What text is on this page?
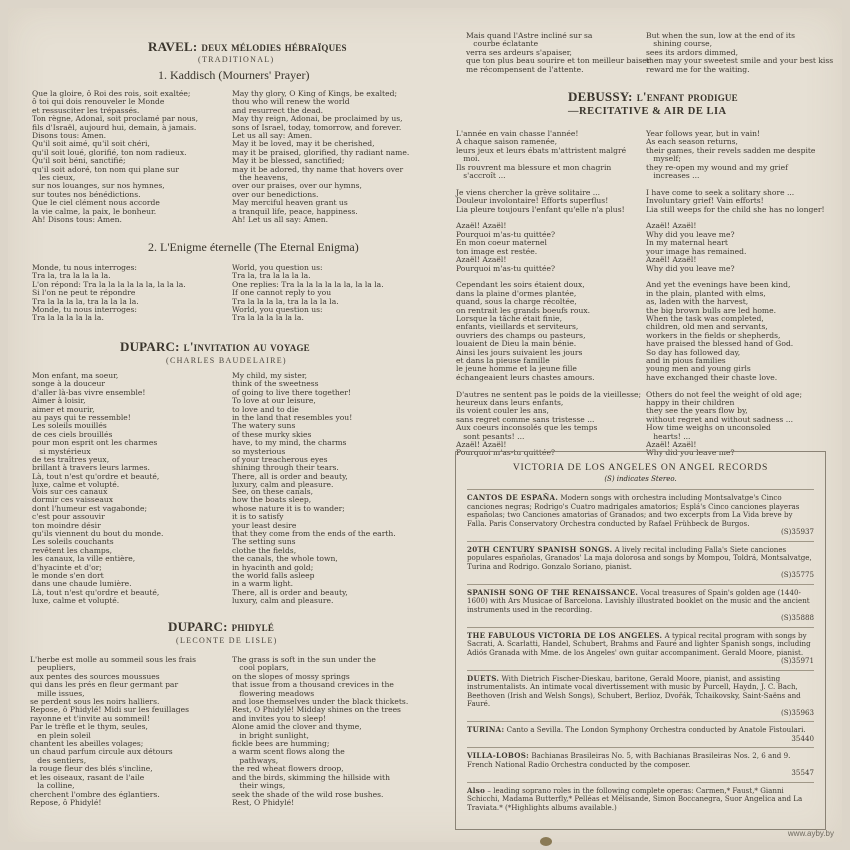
RAVEL: deux mélodies hébraïques
(TRADITIONAL)
1. Kaddisch (Mourners' Prayer)
Que la gloire, ô Roi des rois, soit exaltée;
ô toi qui dois renouveler le Monde
et ressusciter les trépassés.
Ton règne, Adonaï, soit proclamé par nous,
fils d'Israël, aujourd hui, demain, à jamais.
Disons tous: Amen.
Qu'il soit aimé, qu'il soit chéri,
qu'il soit loué, glorifié, ton nom radieux.
Qu'il soit béni, sanctifié;
qu'il soit adoré, ton nom qui plane sur
les cieux,
sur nos louanges, sur nos hymnes,
sur toutes nos bénédictions.
Que le ciel clément nous accorde
la vie calme, la paix, le bonheur.
Ah! Disons tous: Amen.
May thy glory, O King of Kings, be exalted;
thou who will renew the world
and resurrect the dead.
May thy reign, Adonai, be proclaimed by us,
sons of Israel, today, tomorrow, and forever.
Let us all say: Amen.
May it be loved, may it be cherished,
may it be praised, glorified, thy radiant name.
May it be blessed, sanctified;
may it be adored, thy name that hovers over
the heavens,
over our praises, over our hymns,
over our benedictions.
May merciful heaven grant us
a tranquil life, peace, happiness.
Ah! Let us all say: Amen.
2. L'Enigme éternelle (The Eternal Enigma)
Monde, tu nous interroges:
Tra la, tra la la la la.
L'on répond: Tra la la la la la la, la la la.
Si l'on ne peut te répondre
Tra la la la la, tra la la la la.
Monde, tu nous interroges:
Tra la la la la la la.
World, you question us:
Tra la, tra la la la la.
One replies: Tra la la la la la la, la la la.
If one cannot reply to you
Tra la la la la, tra la la la la.
World, you question us:
Tra la la la la la la.
DUPARC: l'invitation au voyage
(CHARLES BAUDELAIRE)
Mon enfant, ma soeur,
songe à la douceur
d'aller là-bas vivre ensemble!
Aimer à loisir,
aimer et mourir,
au pays qui te ressemble!
Les soleils mouillés
de ces ciels brouillés
pour mon esprit ont les charmes
si mystérieux
de tes traîtres yeux,
brillant à travers leurs larmes.
Là, tout n'est qu'ordre et beauté,
luxe, calme et volupté.
My child, my sister,
think of the sweetness
of going to live there together!
To love at our leisure,
to love and to die
in the land that resembles you!
The watery suns
of these murky skies
have, to my mind, the charms
so mysterious
of your treacherous eyes
shining through their tears.
There, all is order and beauty,
luxury, calm and pleasure.
Vois sur ces canaux
dormir ces vaisseaux
dont l'humeur est vagabonde;
c'est pour assouvir
ton moindre désir
qu'ils viennent du bout du monde.
Les soleils couchants
revêtent les champs,
les canaux, la ville entière,
d'hyacinte et d'or;
le monde s'en dort
dans une chaude lumière.
Là, tout n'est qu'ordre et beauté,
luxe, calme et volupté.
See, on these canals,
how the boats sleep,
whose nature it is to wander;
it is to satisfy
your least desire
that they come from the ends of the earth.
The setting suns
clothe the fields,
the canals, the whole town,
in hyacinth and gold;
the world falls asleep
in a warm light.
There, all is order and beauty,
luxury, calm and pleasure.
DUPARC: phidylé
(LECONTE DE LISLE)
L'herbe est molle au sommeil sous les frais
peupliers,
aux pentes des sources moussues
qui dans les prés en fleur germant par
mille issues,
se perdent sous les noirs halliers.
Repose, ô Phidylé! Midi sur les feuillages
rayonne et t'invite au sommeil!
Par le trèfle et le thym, seules,
en plein soleil
chantent les abeilles volages;
un chaud parfum circule aux détours
des sentiers,
la rouge fleur des blés s'incline,
et les oiseaux, rasant de l'aile
la colline,
cherchent l'ombre des églantiers.
Repose, ô Phidylé!
The grass is soft in the sun under the
cool poplars,
on the slopes of mossy springs
that issue from a thousand crevices in the
flowering meadows
and lose themselves under the black thickets.
Rest, O Phidylé! Midday shines on the trees
and invites you to sleep!
Alone amid the clover and thyme,
in bright sunlight,
fickle bees are humming;
a warm scent flows along the
pathways,
the red wheat flowers droop,
and the birds, skimming the hillside with
their wings,
seek the shade of the wild rose bushes.
Rest, O Phidylé!
Mais quand l'Astre incliné sur sa
courbe éclatante
verra ses ardeurs s'apaiser,
que ton plus beau sourire et ton meilleur baiser
me récompensent de l'attente.
But when the sun, low at the end of its
shining course,
sees its ardors dimmed,
then may your sweetest smile and your best kiss
reward me for the waiting.
DEBUSSY: l'enfant prodigue
—RECITATIVE & AIR DE LIA
L'année en vain chasse l'année!
A chaque saison ramenée,
leurs jeux et leurs ébats m'attristent malgré
moi.
Ils rouvrent ma blessure et mon chagrin
s'accroît ...

Je viens chercher la grève solitaire ...
Douleur involontaire! Efforts superflus!
Lia pleure toujours l'enfant qu'elle n'a plus!

Azaël! Azaël!
Pourquoi m'as-tu quittée?
En mon coeur maternel
ton image est restée.
Azaël! Azaël!
Pourquoi m'as-tu quittée?

Cependant les soirs étaient doux,
dans la plaine d'ormes plantée,
quand, sous la charge récoltée,
on rentrait les grands boeufs roux.
Lorsque la tâche était finie,
enfants, vieillards et serviteurs,
ouvriers des champs ou pasteurs,
louaient de Dieu la main bénie.
Ainsi les jours suivaient les jours
et dans la pieuse famille
le jeune homme et la jeune fille
échangeaient leurs chastes amours.

D'autres ne sentent pas le poids de la vieillesse;
heureux dans leurs enfants,
ils voient couler les ans,
sans regret comme sans tristesse ...
Aux coeurs inconsolés que les temps
sont pesants! ...
Azaël! Azaël!
Pourquoi m'as-tu quittée?
Year follows year, but in vain!
As each season returns,
their games, their revels sadden me despite
myself;
they re-open my wound and my grief
increases ...

I have come to seek a solitary shore ...
Involuntary grief! Vain efforts!
Lia still weeps for the child she has no longer!

Azaël! Azaël!
Why did you leave me?
In my maternal heart
your image has remained.
Azaël! Azaël!
Why did you leave me?

And yet the evenings have been kind,
in the plain, planted with elms,
as, laden with the harvest,
the big brown bulls are led home.
When the task was completed,
children, old men and servants,
workers in the fields or shepherds,
have praised the blessed hand of God.
So day has followed day,
and in pious families
young men and young girls
have exchanged their chaste love.

Others do not feel the weight of old age;
happy in their children
they see the years flow by,
without regret and without sadness ...
How time weighs on unconsoled
hearts! ...
Azaël! Azaël!
Why did you leave me?
VICTORIA DE LOS ANGELES ON ANGEL RECORDS
(S) indicates Stereo.
CANTOS DE ESPAÑA. Modern songs with orchestra including Montsalvatge's Cinco canciones negras; Rodrigo's Cuatro madrigales amatorios; Esplá's Cinco canciones playeras españolas; two Canciones amatorias of Granados; and two excerpts from La Vida breve by Falla. Paris Conservatory Orchestra conducted by Rafael Frühbeck de Burgos.
(S)35937
20TH CENTURY SPANISH SONGS. A lively recital including Falla's Siete canciones populares españolas, Granados' La maja dolorosa and songs by Mompou, Toldrá, Montsalvatge, Turina and Rodrigo. Gonzalo Soriano, pianist.
(S)35775
SPANISH SONG OF THE RENAISSANCE. Vocal treasures of Spain's golden age (1440-1600) with Ars Musicae of Barcelona. Lavishly illustrated booklet on the music and the ancient instruments used in the recording.
(S)35888
THE FABULOUS VICTORIA DE LOS ANGELES. A typical recital program with songs by Sacrati, A. Scarlatti, Handel, Schubert, Brahms and Fauré and lighter Spanish songs, including Adiós Granada with Mme. de los Angeles' own guitar accompaniment. Gerald Moore, pianist.
(S)35971
DUETS. With Dietrich Fischer-Dieskau, baritone, Gerald Moore, pianist, and assisting instrumentalists. An intimate vocal divertissement with music by Purcell, Haydn, J. C. Bach, Beethoven (Irish and Welsh Songs), Schubert, Berlioz, Dvořák, Tchaikovsky, Saint-Saëns and Fauré.
(S)35963
TURINA: Canto a Sevilla. The London Symphony Orchestra conducted by Anatole Fistoulari.
35440
VILLA-LOBOS: Bachianas Brasileiras No. 5, with Bachianas Brasileiras Nos. 2, 6 and 9. French National Radio Orchestra conducted by the composer.
35547
Also – leading soprano roles in the following complete operas: Carmen,* Faust,* Gianni Schicchi, Madama Butterfly,* Pelléas et Mélisande, Simon Boccanegra, Suor Angelica and La Traviata.* (*Highlights albums available.)
www.ayby.by
